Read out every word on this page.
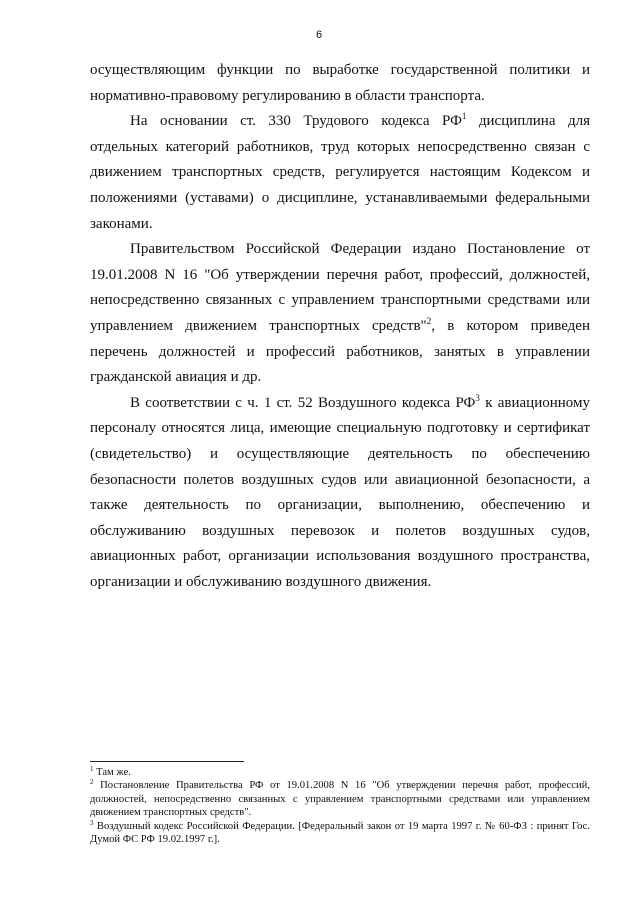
6

осуществляющим функции по выработке государственной политики и нормативно-правовому регулированию в области транспорта.

На основании ст. 330 Трудового кодекса $РФ^1$ дисциплина для отдельных категорий работников, труд которых непосредственно связан с движением транспортных средств, регулируется настоящим Кодексом и положениями (уставами) о дисциплине, устанавливаемыми федеральными законами.

Правительством Российской Федерации издано Постановление от 19.01.2008 N 16 "Об утверждении перечня работ, профессий, должностей, непосредственно связанных с управлением транспортными средствами или управлением движением транспортных средств"$^2$, в котором приведен перечень должностей и профессий работников, занятых в управлении гражданской авиация и др.

В соответствии с ч. 1 ст. 52 Воздушного кодекса $РФ^3$ к авиационному персоналу относятся лица, имеющие специальную подготовку и сертификат (свидетельство) и осуществляющие деятельность по обеспечению безопасности полетов воздушных судов или авиационной безопасности, а также деятельность по организации, выполнению, обеспечению и обслуживанию воздушных перевозок и полетов воздушных судов, авиационных работ, организации использования воздушного пространства, организации и обслуживанию воздушного движения.

$^1$ Там же.

$^2$ Постановление Правительства РФ от 19.01.2008 N 16 "Об утверждении перечня работ, профессий, должностей, непосредственно связанных с управлением транспортными средствами или управлением движением транспортных средств".

$^3$ Воздушный кодекс Российской Федерации. [Федеральный закон от 19 марта 1997 г. № 60-ФЗ : принят Гос. Думой ФС РФ 19.02.1997 г.].
